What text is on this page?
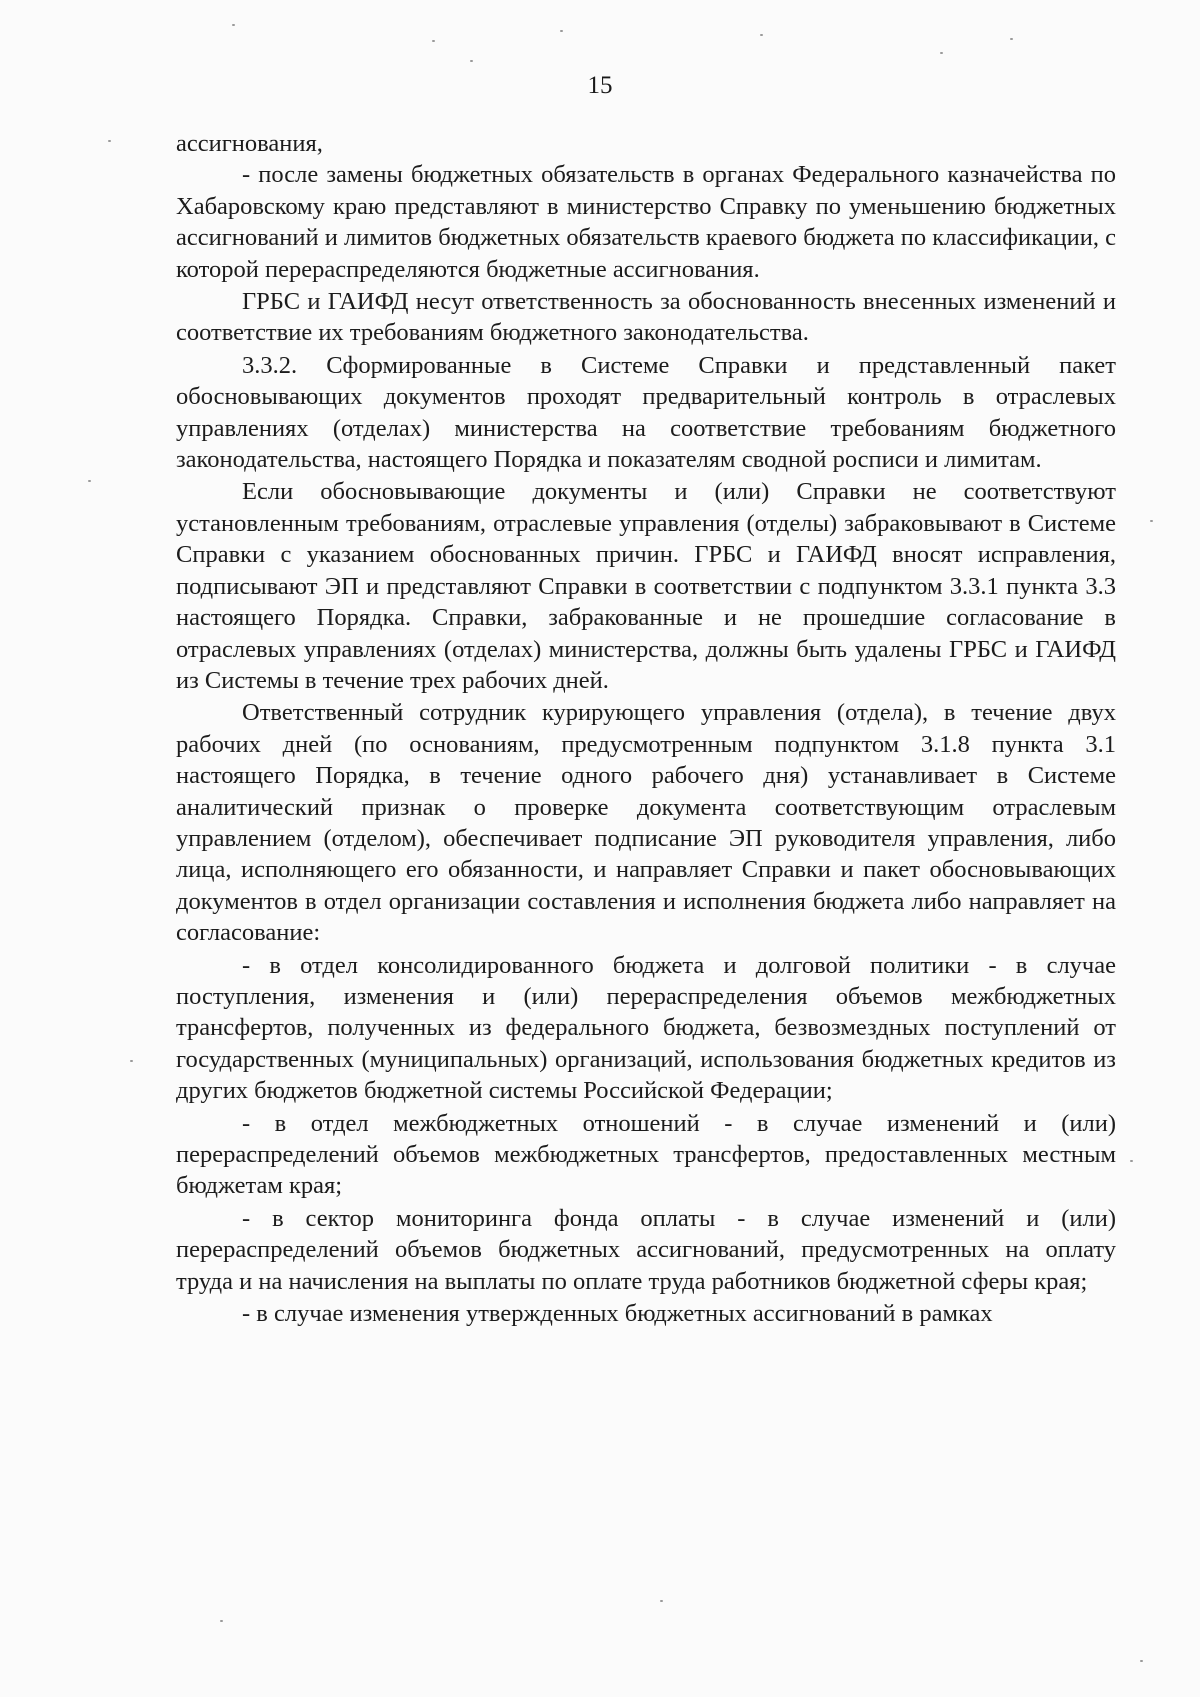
15

ассигнования,

- после замены бюджетных обязательств в органах Федерального казначейства по Хабаровскому краю представляют в министерство Справку по уменьшению бюджетных ассигнований и лимитов бюджетных обязательств краевого бюджета по классификации, с которой перераспределяются бюджетные ассигнования.

ГРБС и ГАИФД несут ответственность за обоснованность внесенных изменений и соответствие их требованиям бюджетного законодательства.

3.3.2. Сформированные в Системе Справки и представленный пакет обосновывающих документов проходят предварительный контроль в отраслевых управлениях (отделах) министерства на соответствие требованиям бюджетного законодательства, настоящего Порядка и показателям сводной росписи и лимитам.

Если обосновывающие документы и (или) Справки не соответствуют установленным требованиям, отраслевые управления (отделы) забраковывают в Системе Справки с указанием обоснованных причин. ГРБС и ГАИФД вносят исправления, подписывают ЭП и представляют Справки в соответствии с подпунктом 3.3.1 пункта 3.3 настоящего Порядка. Справки, забракованные и не прошедшие согласование в отраслевых управлениях (отделах) министерства, должны быть удалены ГРБС и ГАИФД из Системы в течение трех рабочих дней.

Ответственный сотрудник курирующего управления (отдела), в течение двух рабочих дней (по основаниям, предусмотренным подпунктом 3.1.8 пункта 3.1 настоящего Порядка, в течение одного рабочего дня) устанавливает в Системе аналитический признак о проверке документа соответствующим отраслевым управлением (отделом), обеспечивает подписание ЭП руководителя управления, либо лица, исполняющего его обязанности, и направляет Справки и пакет обосновывающих документов в отдел организации составления и исполнения бюджета либо направляет на согласование:

- в отдел консолидированного бюджета и долговой политики - в случае поступления, изменения и (или) перераспределения объемов межбюджетных трансфертов, полученных из федерального бюджета, безвозмездных поступлений от государственных (муниципальных) организаций, использования бюджетных кредитов из других бюджетов бюджетной системы Российской Федерации;

- в отдел межбюджетных отношений - в случае изменений и (или) перераспределений объемов межбюджетных трансфертов, предоставленных местным бюджетам края;

- в сектор мониторинга фонда оплаты - в случае изменений и (или) перераспределений объемов бюджетных ассигнований, предусмотренных на оплату труда и на начисления на выплаты по оплате труда работников бюджетной сферы края;

- в случае изменения утвержденных бюджетных ассигнований в рамках
